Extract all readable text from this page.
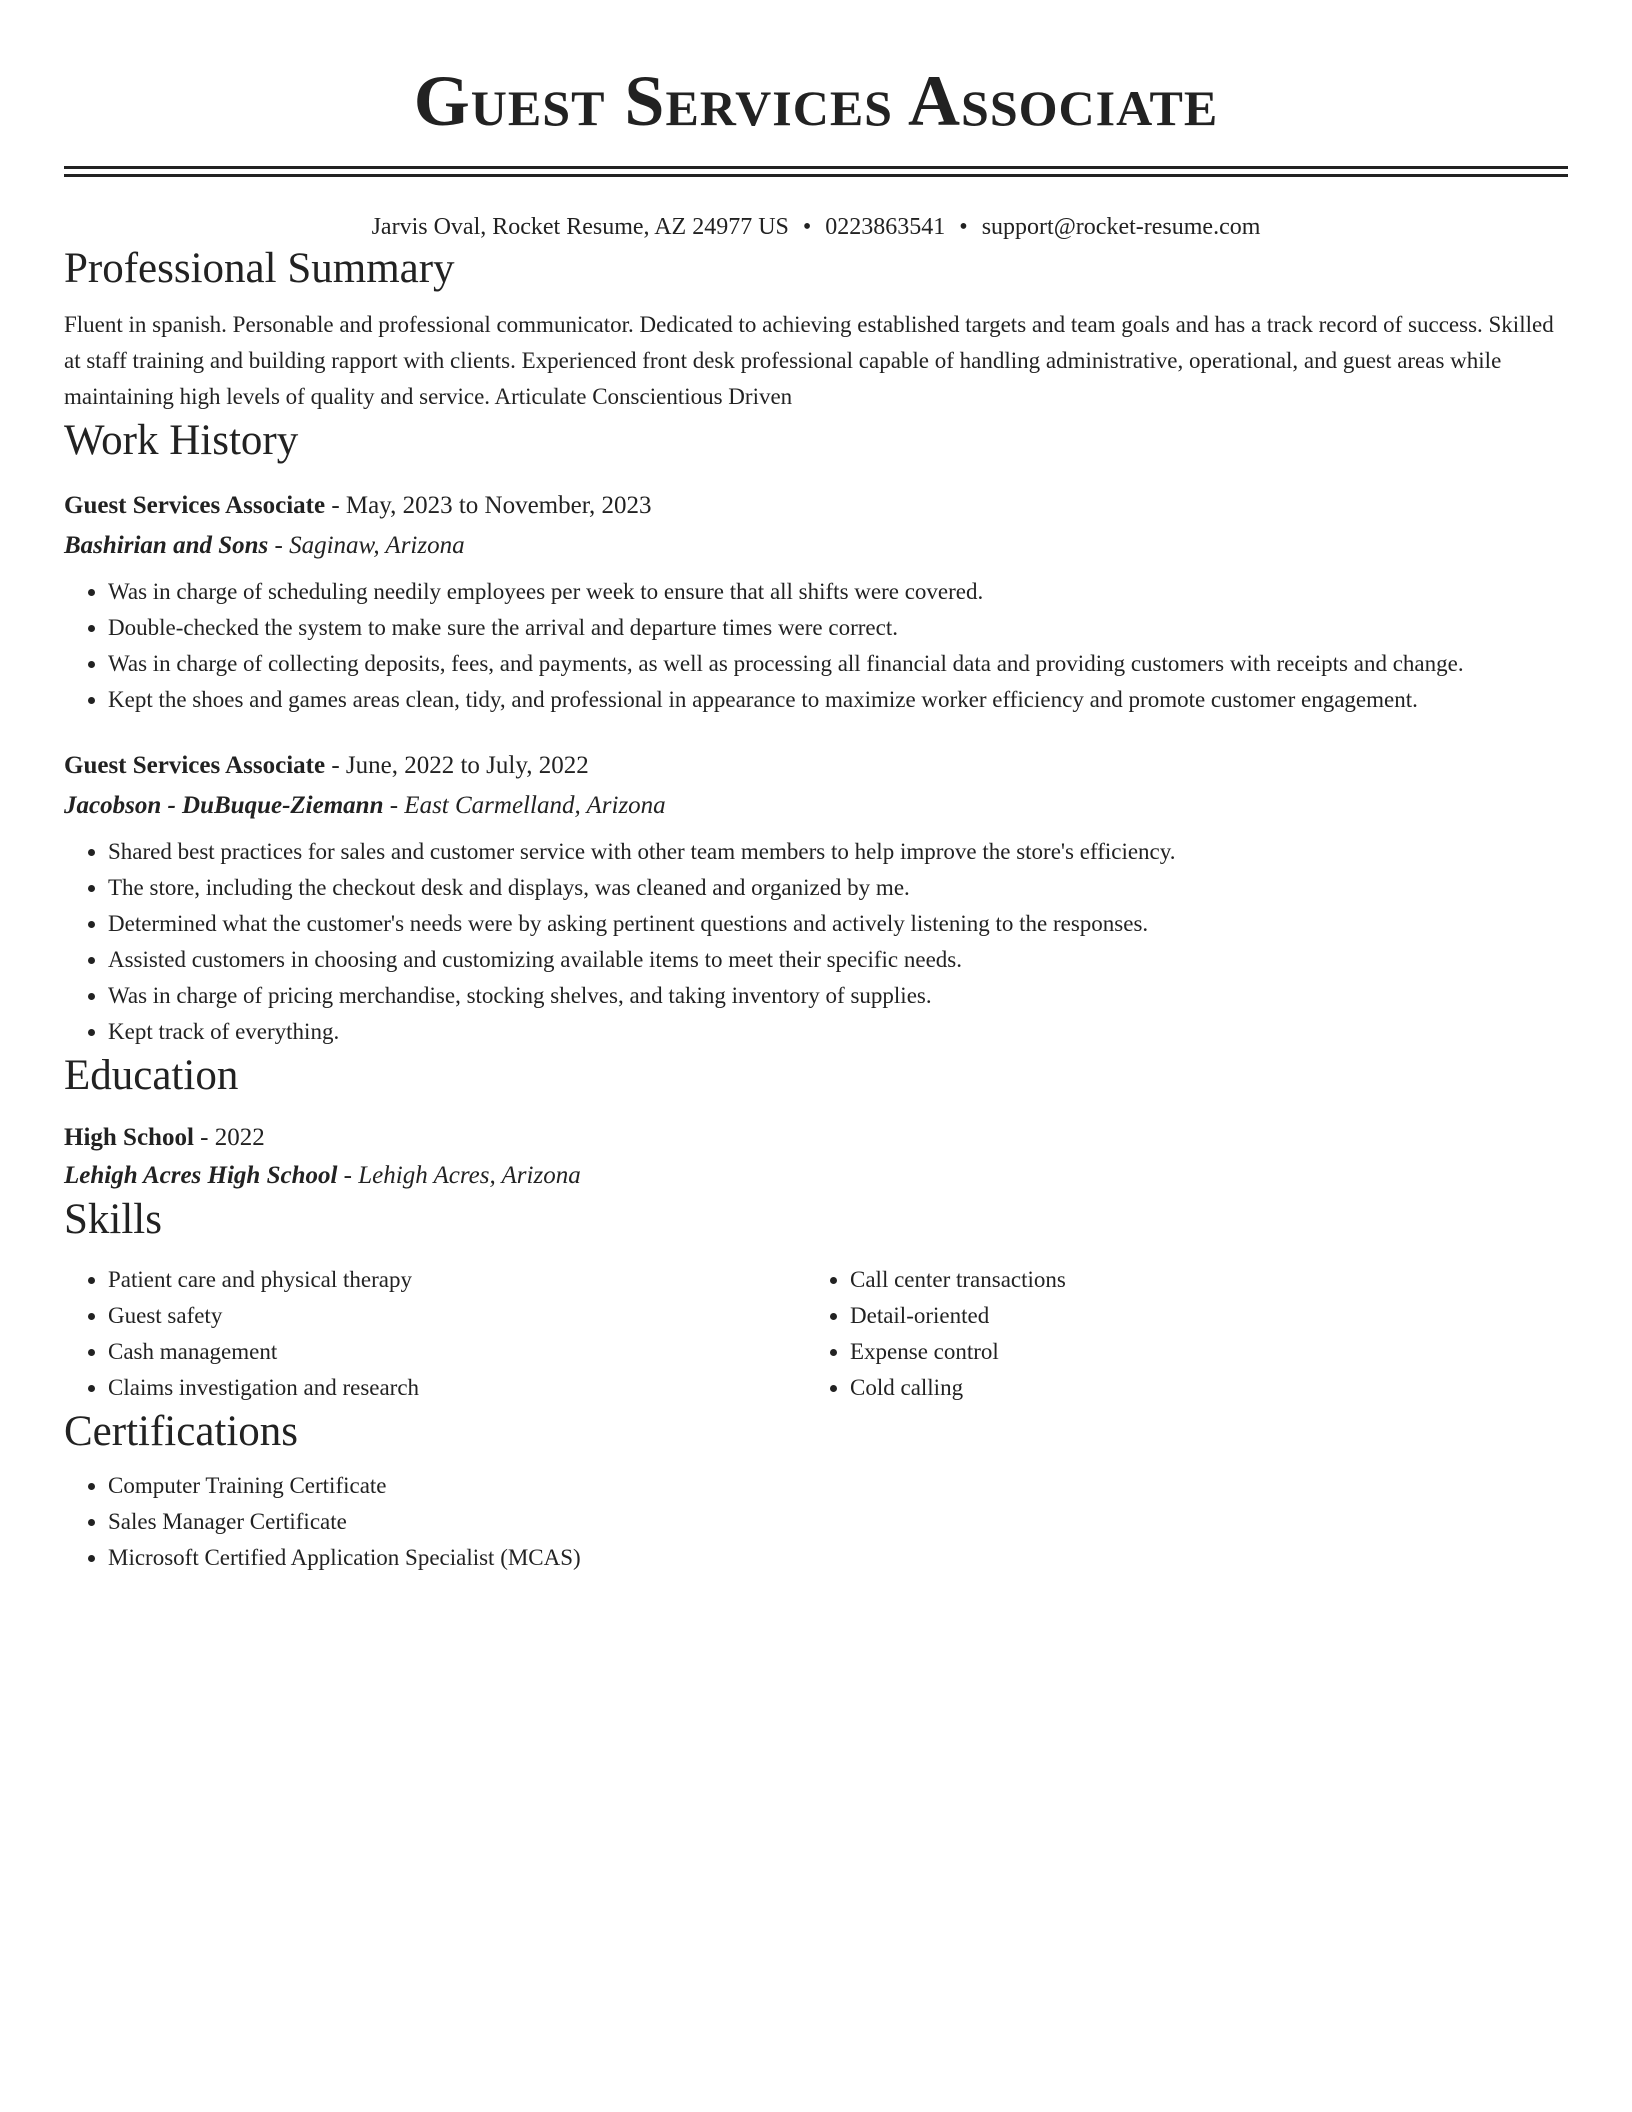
Guest Services Associate
Jarvis Oval, Rocket Resume, AZ 24977 US • 0223863541 • support@rocket-resume.com
Professional Summary
Fluent in spanish. Personable and professional communicator. Dedicated to achieving established targets and team goals and has a track record of success. Skilled at staff training and building rapport with clients. Experienced front desk professional capable of handling administrative, operational, and guest areas while maintaining high levels of quality and service. Articulate Conscientious Driven
Work History
Guest Services Associate - May, 2023 to November, 2023
Bashirian and Sons - Saginaw, Arizona
• Was in charge of scheduling needily employees per week to ensure that all shifts were covered.
• Double-checked the system to make sure the arrival and departure times were correct.
• Was in charge of collecting deposits, fees, and payments, as well as processing all financial data and providing customers with receipts and change.
• Kept the shoes and games areas clean, tidy, and professional in appearance to maximize worker efficiency and promote customer engagement.
Guest Services Associate - June, 2022 to July, 2022
Jacobson - DuBuque-Ziemann - East Carmelland, Arizona
• Shared best practices for sales and customer service with other team members to help improve the store's efficiency.
• The store, including the checkout desk and displays, was cleaned and organized by me.
• Determined what the customer's needs were by asking pertinent questions and actively listening to the responses.
• Assisted customers in choosing and customizing available items to meet their specific needs.
• Was in charge of pricing merchandise, stocking shelves, and taking inventory of supplies.
• Kept track of everything.
Education
High School - 2022
Lehigh Acres High School - Lehigh Acres, Arizona
Skills
• Patient care and physical therapy
• Guest safety
• Cash management
• Claims investigation and research
• Call center transactions
• Detail-oriented
• Expense control
• Cold calling
Certifications
• Computer Training Certificate
• Sales Manager Certificate
• Microsoft Certified Application Specialist (MCAS)
